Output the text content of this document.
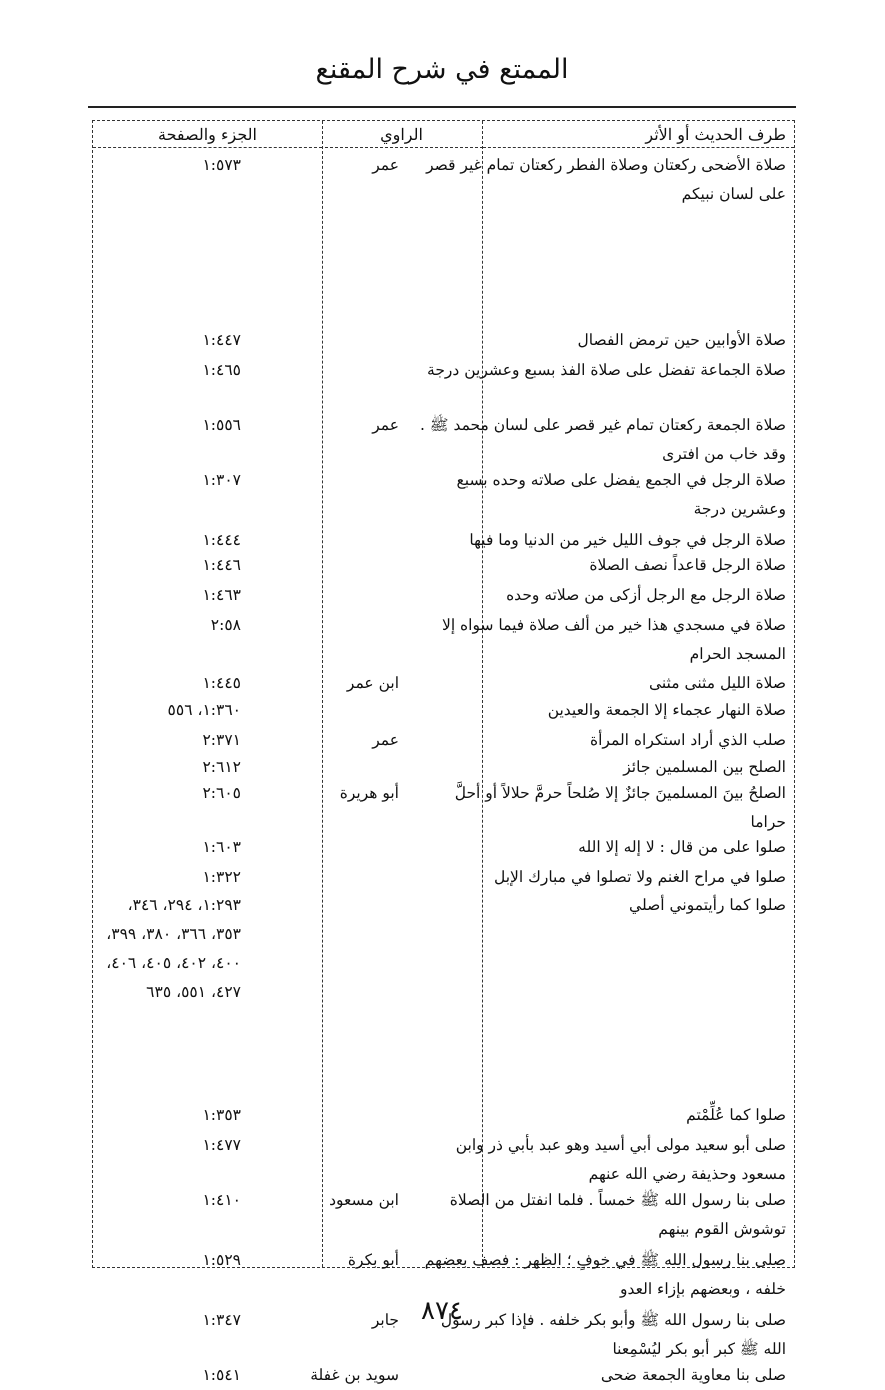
الممتع في شرح المقنع
طرف الحديث أو الأثر
الراوي
الجزء والصفحة
صلاة الأضحى ركعتان وصلاة الفطر ركعتان تمام غير قصر على لسان نبيكم
عمر
١:٥٧٣
صلاة الأوابين حين ترمض الفصال
١:٤٤٧
صلاة الجماعة تفضل على صلاة الفذ بسبع وعشرين درجة
١:٤٦٥
صلاة الجمعة ركعتان تمام غير قصر على لسان محمد ﷺ . وقد خاب من افترى
عمر
١:٥٥٦
صلاة الرجل في الجمع يفضل على صلاته وحده بسبع وعشرين درجة
١:٣٠٧
صلاة الرجل في جوف الليل خير من الدنيا وما فيها
١:٤٤٤
صلاة الرجل قاعداً نصف الصلاة
١:٤٤٦
صلاة الرجل مع الرجل أزكى من صلاته وحده
١:٤٦٣
صلاة في مسجدي هذا خير من ألف صلاة فيما سواه إلا المسجد الحرام
٢:٥٨
صلاة الليل مثنى مثنى
ابن عمر
١:٤٤٥
صلاة النهار عجماء إلا الجمعة والعيدين
١:٣٦٠، ٥٥٦
صلب الذي أراد استكراه المرأة
عمر
٢:٣٧١
الصلح بين المسلمين جائز
٢:٦١٢
الصلحُ بينَ المسلمينَ جائزٌ إلا صُلحاً حرمَّ حلالاً أو أحلَّ حراما
أبو هريرة
٢:٦٠٥
صلوا على من قال : لا إله إلا الله
١:٦٠٣
صلوا في مراح الغنم ولا تصلوا في مبارك الإبل
١:٣٢٢
صلوا كما رأيتموني أصلي
١:٢٩٣، ٢٩٤، ٣٤٦، ٣٥٣، ٣٦٦، ٣٨٠، ٣٩٩، ٤٠٠، ٤٠٢، ٤٠٥، ٤٠٦، ٤٢٧، ٥٥١، ٦٣٥
صلوا كما عُلِّمْتم
١:٣٥٣
صلى أبو سعيد مولى أبي أسيد وهو عبد بأبي ذر وابن مسعود وحذيفة رضي الله عنهم
١:٤٧٧
صلى بنا رسول الله ﷺ خمساً . فلما انفتل من الصلاة توشوش القوم بينهم
ابن مسعود
١:٤١٠
صلى بنا رسول الله ﷺ في خوفٍ ؛ الظهر : فصف بعضهم خلفه ، وبعضهم بإزاء العدو
أبو بكرة
١:٥٢٩
صلى بنا رسول الله ﷺ وأبو بكر خلفه . فإذا كبر رسول الله ﷺ كبر أبو بكر ليُسْمِعنا
جابر
١:٣٤٧
صلى بنا معاوية الجمعة ضحى
سويد بن غفلة
١:٥٤١
٨٧٤
